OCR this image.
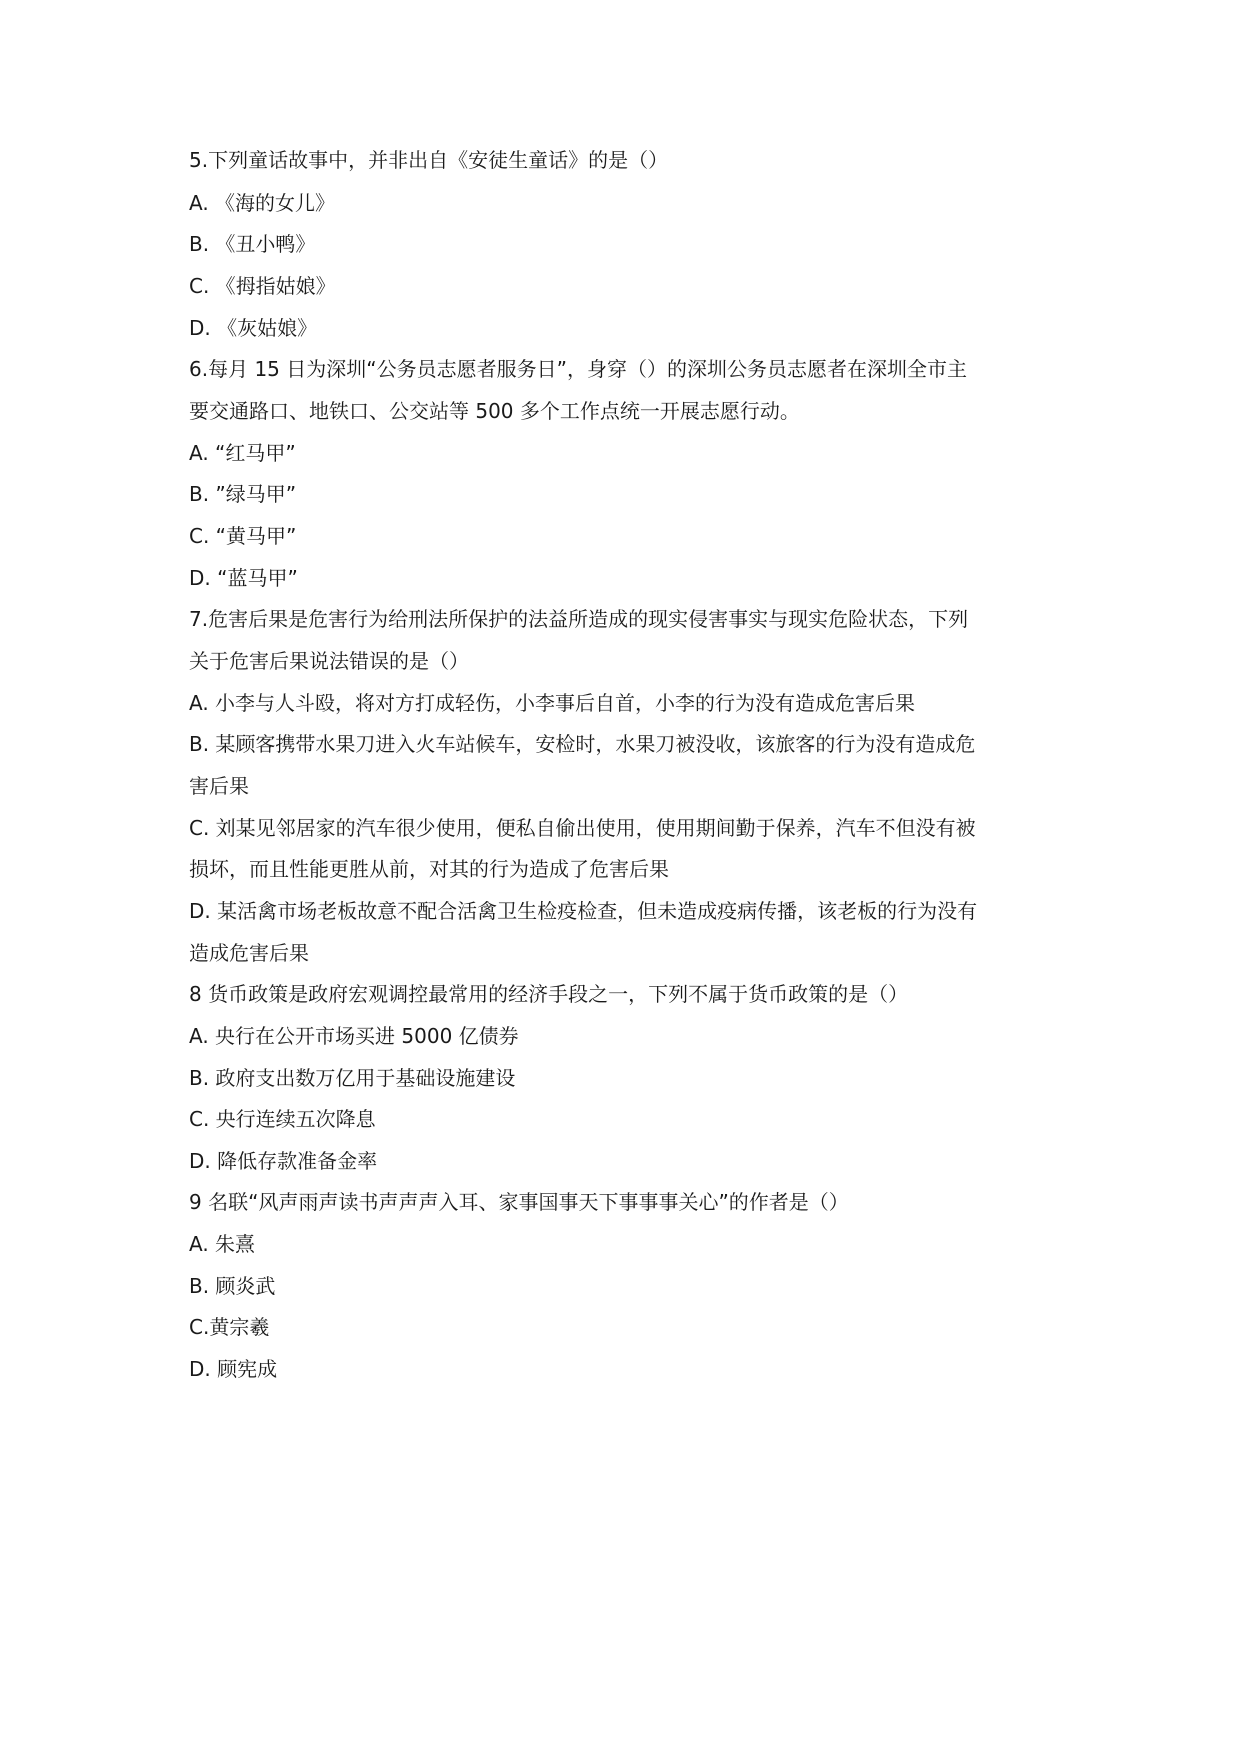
5.下列童话故事中，并非出自《安徒生童话》的是（）
A. 《海的女儿》
B. 《丑小鸭》
C. 《拇指姑娘》
D. 《灰姑娘》
6.每月 15 日为深圳“公务员志愿者服务日”，身穿（）的深圳公务员志愿者在深圳全市主
要交通路口、地铁口、公交站等 500 多个工作点统一开展志愿行动。
A. “红马甲”
B. ”绿马甲”
C. “黄马甲”
D. “蓝马甲”
7.危害后果是危害行为给刑法所保护的法益所造成的现实侵害事实与现实危险状态，下列
关于危害后果说法错误的是（）
A. 小李与人斗殴，将对方打成轻伤，小李事后自首，小李的行为没有造成危害后果
B. 某顾客携带水果刀进入火车站候车，安检时，水果刀被没收，该旅客的行为没有造成危
害后果
C. 刘某见邻居家的汽车很少使用，便私自偷出使用，使用期间勤于保养，汽车不但没有被
损坏，而且性能更胜从前，对其的行为造成了危害后果
D. 某活禽市场老板故意不配合活禽卫生检疫检查，但未造成疫病传播，该老板的行为没有
造成危害后果
8 货币政策是政府宏观调控最常用的经济手段之一，下列不属于货币政策的是（）
A. 央行在公开市场买进 5000 亿债券
B. 政府支出数万亿用于基础设施建设
C. 央行连续五次降息
D. 降低存款准备金率
9 名联“风声雨声读书声声声入耳、家事国事天下事事事关心”的作者是（）
A. 朱熹
B. 顾炎武
C.黄宗羲
D. 顾宪成
